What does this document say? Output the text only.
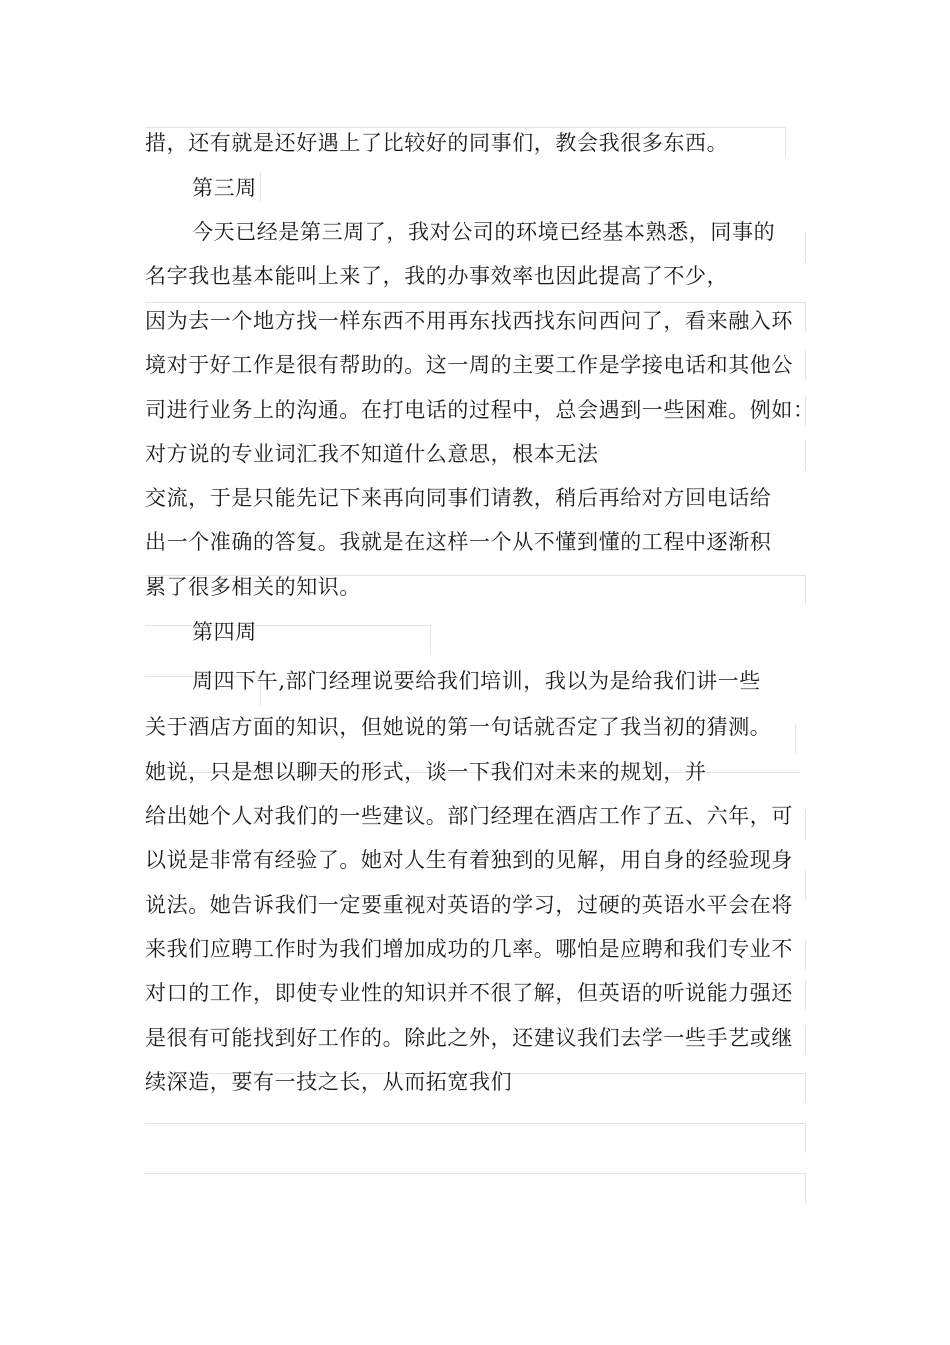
措，还有就是还好遇上了比较好的同事们，教会我很多东西。
第三周
今天已经是第三周了，我对公司的环境已经基本熟悉，同事的
名字我也基本能叫上来了，我的办事效率也因此提高了不少，
因为去一个地方找一样东西不用再东找西找东问西问了，看来融入环
境对于好工作是很有帮助的。这一周的主要工作是学接电话和其他公
司进行业务上的沟通。在打电话的过程中，总会遇到一些困难。例如：
对方说的专业词汇我不知道什么意思，根本无法
交流，于是只能先记下来再向同事们请教，稍后再给对方回电话给
出一个准确的答复。我就是在这样一个从不懂到懂的工程中逐渐积
累了很多相关的知识。
第四周
周四下午,部门经理说要给我们培训，我以为是给我们讲一些
关于酒店方面的知识，但她说的第一句话就否定了我当初的猜测。
她说，只是想以聊天的形式，谈一下我们对未来的规划，并
给出她个人对我们的一些建议。部门经理在酒店工作了五、六年，可
以说是非常有经验了。她对人生有着独到的见解，用自身的经验现身
说法。她告诉我们一定要重视对英语的学习，过硬的英语水平会在将
来我们应聘工作时为我们增加成功的几率。哪怕是应聘和我们专业不
对口的工作，即使专业性的知识并不很了解，但英语的听说能力强还
是很有可能找到好工作的。除此之外，还建议我们去学一些手艺或继
续深造，要有一技之长，从而拓宽我们
